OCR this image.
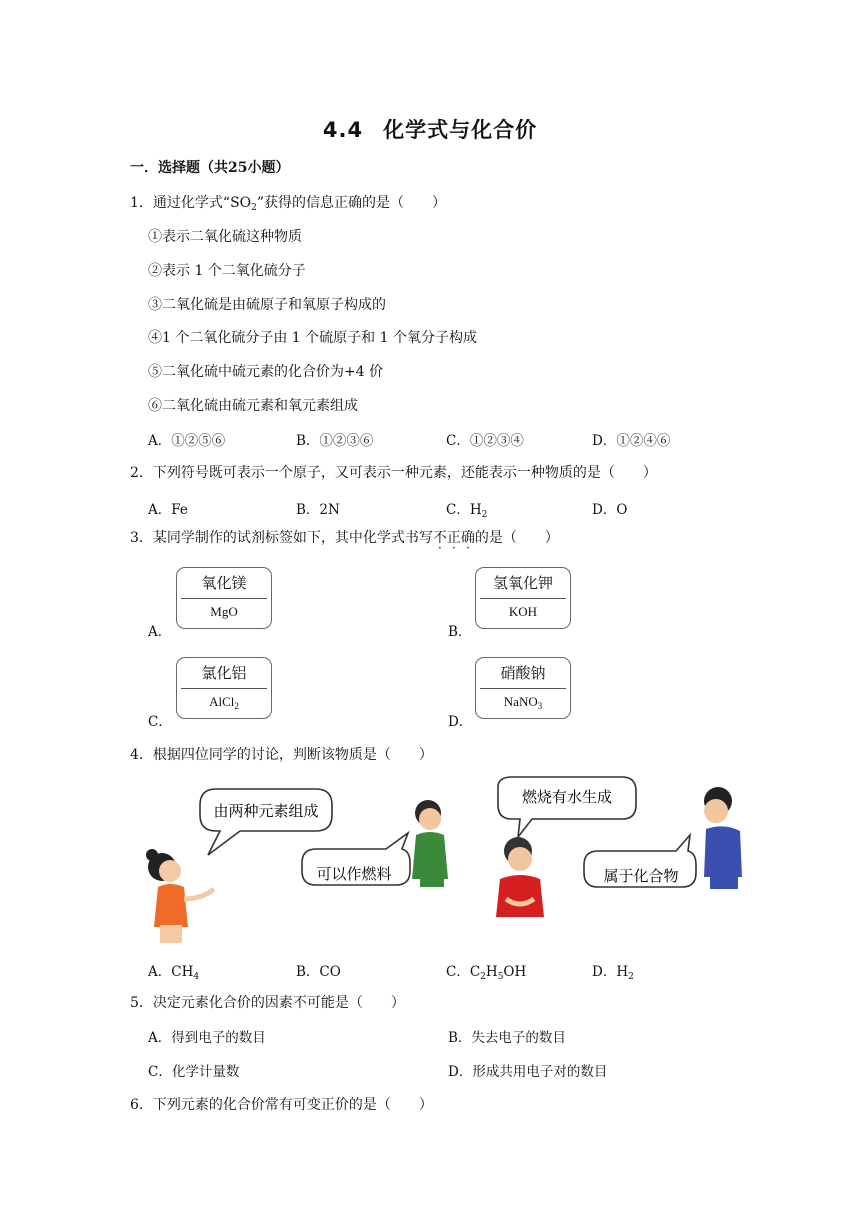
4.4 化学式与化合价
一．选择题（共25小题）
1．通过化学式“$SO_2$”获得的信息正确的是（　　）
①表示二氧化硫这种物质
②表示 1 个二氧化硫分子
③二氧化硫是由硫原子和氧原子构成的
④1 个二氧化硫分子由 1 个硫原子和 1 个氧分子构成
⑤二氧化硫中硫元素的化合价为+4 价
⑥二氧化硫由硫元素和氧元素组成
A．①②⑤⑥	B．①②③⑥	C．①②③④	D．①②④⑥
2．下列符号既可表示一个原子，又可表示一种元素，还能表示一种物质的是（　　）
A．Fe	B．2N	C．$H_2$	D．O
3．某同学制作的试剂标签如下，其中化学式书写不正确的是（　　）
A．
氧化镁
MgO
B．
氢氧化钾
KOH
C．
氯化铝
AlCl$_2$
D．
硝酸钠
NaNO$_3$
4．根据四位同学的讨论，判断该物质是（　　）
由两种元素组成
燃烧有水生成
可以作燃料	属于化合物
A．$CH_4$	B．CO	C．$C_2H_5OH$	D．$H_2$
5．决定元素化合价的因素不可能是（　　）
A．得到电子的数目	B．失去电子的数目
C．化学计量数	D．形成共用电子对的数目
6．下列元素的化合价常有可变正价的是（　　）
